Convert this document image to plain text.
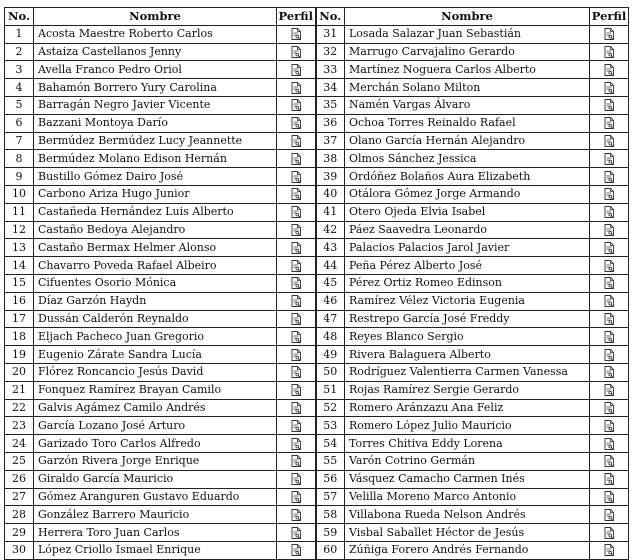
No.	Nombre	Perfil	No.	Nombre	Perfil
1	Acosta Maestre Roberto Carlos		31	Losada Salazar Juan Sebastián	

2	Astaiza Castellanos Jenny		32	Marrugo Carvajalino Gerardo	

3	Avella Franco Pedro Oriol		33	Martínez Noguera Carlos Alberto	

4	Bahamón Borrero Yury Carolina		34	Merchán Solano Milton	

5	Barragán Negro Javier Vicente		35	Namén Vargas Álvaro	

6	Bazzani Montoya Darío		36	Ochoa Torres Reinaldo Rafael	

7	Bermúdez Bermúdez Lucy Jeannette		37	Olano García Hernán Alejandro	

8	Bermúdez Molano Edison Hernán		38	Olmos Sánchez Jessica	

9	Bustillo Gómez Dairo José		39	Ordóñez Bolaños Aura Elizabeth	

10	Carbono Ariza Hugo Junior		40	Otálora Gómez Jorge Armando	

11	Castañeda Hernández Luis Alberto		41	Otero Ojeda Elvia Isabel	

12	Castaño Bedoya Alejandro		42	Páez Saavedra Leonardo	

13	Castaño Bermax Helmer Alonso		43	Palacios Palacios Jarol Javier	

14	Chavarro Poveda Rafael Albeiro		44	Peña Pérez Alberto José	

15	Cifuentes Osorio Mónica		45	Pérez Ortiz Romeo Edinson	

16	Díaz Garzón Haydn		46	Ramírez Vélez Victoria Eugenia	

17	Dussán Calderón Reynaldo		47	Restrepo García José Freddy	

18	Eljach Pacheco Juan Gregorio		48	Reyes Blanco Sergio	

19	Eugenio Zárate Sandra Lucía		49	Rivera Balaguera Alberto	

20	Flórez Roncancio Jesús David		50	Rodríguez Valentierra Carmen Vanessa	

21	Fonquez Ramírez Brayan Camilo		51	Rojas Ramírez Sergie Gerardo	

22	Galvis Agámez Camilo Andrés		52	Romero Aránzazu Ana Feliz	

23	García Lozano José Arturo		53	Romero López Julio Mauricio	

24	Garizado Toro Carlos Alfredo		54	Torres Chitiva Eddy Lorena	

25	Garzón Rivera Jorge Enrique		55	Varón Cotrino Germán	

26	Giraldo García Mauricio		56	Vásquez Camacho Carmen Inés	

27	Gómez Aranguren Gustavo Eduardo		57	Velilla Moreno Marco Antonio	

28	González Barrero Mauricio		58	Villabona Rueda Nelson Andrés	

29	Herrera Toro Juan Carlos		59	Visbal Saballet Héctor de Jesús	

30	López Criollo Ismael Enrique		60	Zúñiga Forero Andrés Fernando	
